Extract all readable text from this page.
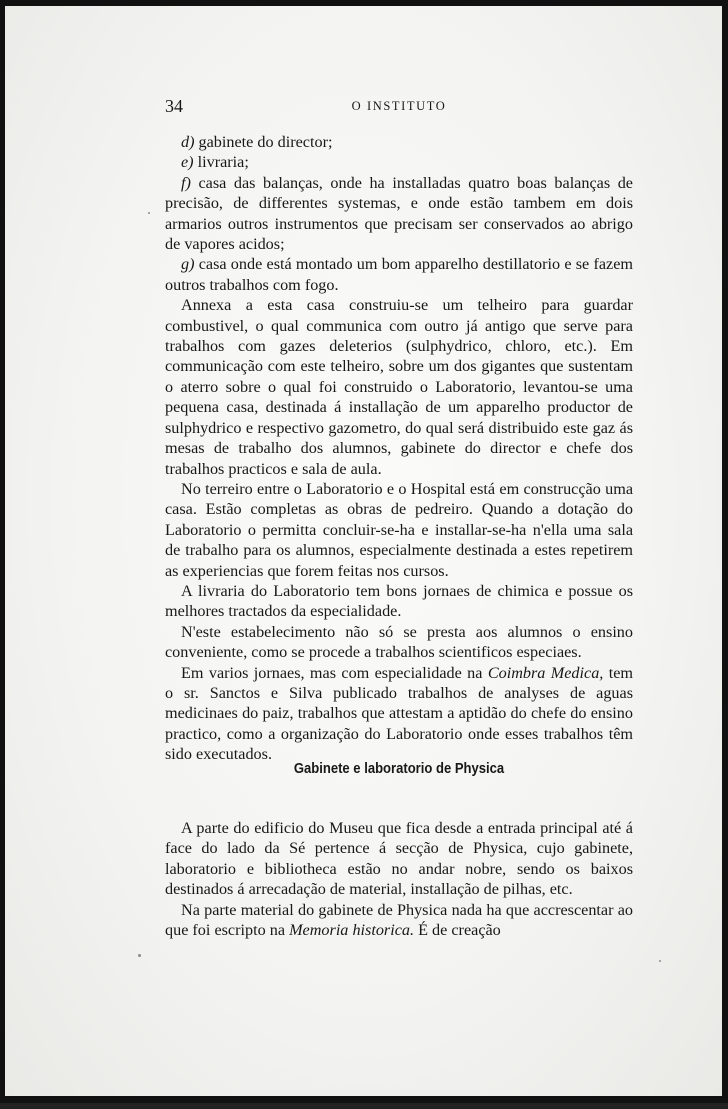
34	O INSTITUTO

d) gabinete do director;

e) livraria;

f) casa das balanças, onde ha installadas quatro boas balanças de precisão, de differentes systemas, e onde estão tambem em dois armarios outros instrumentos que precisam ser conservados ao abrigo de vapores acidos;

g) casa onde está montado um bom apparelho destillatorio e se fazem outros trabalhos com fogo.

Annexa a esta casa construiu-se um telheiro para guardar combustivel, o qual communica com outro já antigo que serve para trabalhos com gazes deleterios (sulphydrico, chloro, etc.). Em communicação com este telheiro, sobre um dos gigantes que sustentam o aterro sobre o qual foi construido o Laboratorio, levantou-se uma pequena casa, destinada á installação de um apparelho productor de sulphydrico e respectivo gazometro, do qual será distribuido este gaz ás mesas de trabalho dos alumnos, gabinete do director e chefe dos trabalhos practicos e sala de aula.

No terreiro entre o Laboratorio e o Hospital está em construcção uma casa. Estão completas as obras de pedreiro. Quando a dotação do Laboratorio o permitta concluir-se-ha e installar-se-ha n'ella uma sala de trabalho para os alumnos, especialmente destinada a estes repetirem as experiencias que forem feitas nos cursos.

A livraria do Laboratorio tem bons jornaes de chimica e possue os melhores tractados da especialidade.

N'este estabelecimento não só se presta aos alumnos o ensino conveniente, como se procede a trabalhos scientificos especiaes.

Em varios jornaes, mas com especialidade na Coimbra Medica, tem o sr. Sanctos e Silva publicado trabalhos de analyses de aguas medicinaes do paiz, trabalhos que attestam a aptidão do chefe do ensino practico, como a organização do Laboratorio onde esses trabalhos têm sido executados.

Gabinete e laboratorio de Physica

A parte do edificio do Museu que fica desde a entrada principal até á face do lado da Sé pertence á secção de Physica, cujo gabinete, laboratorio e bibliotheca estão no andar nobre, sendo os baixos destinados á arrecadação de material, installação de pilhas, etc.

Na parte material do gabinete de Physica nada ha que accrescentar ao que foi escripto na Memoria historica. É de creação
